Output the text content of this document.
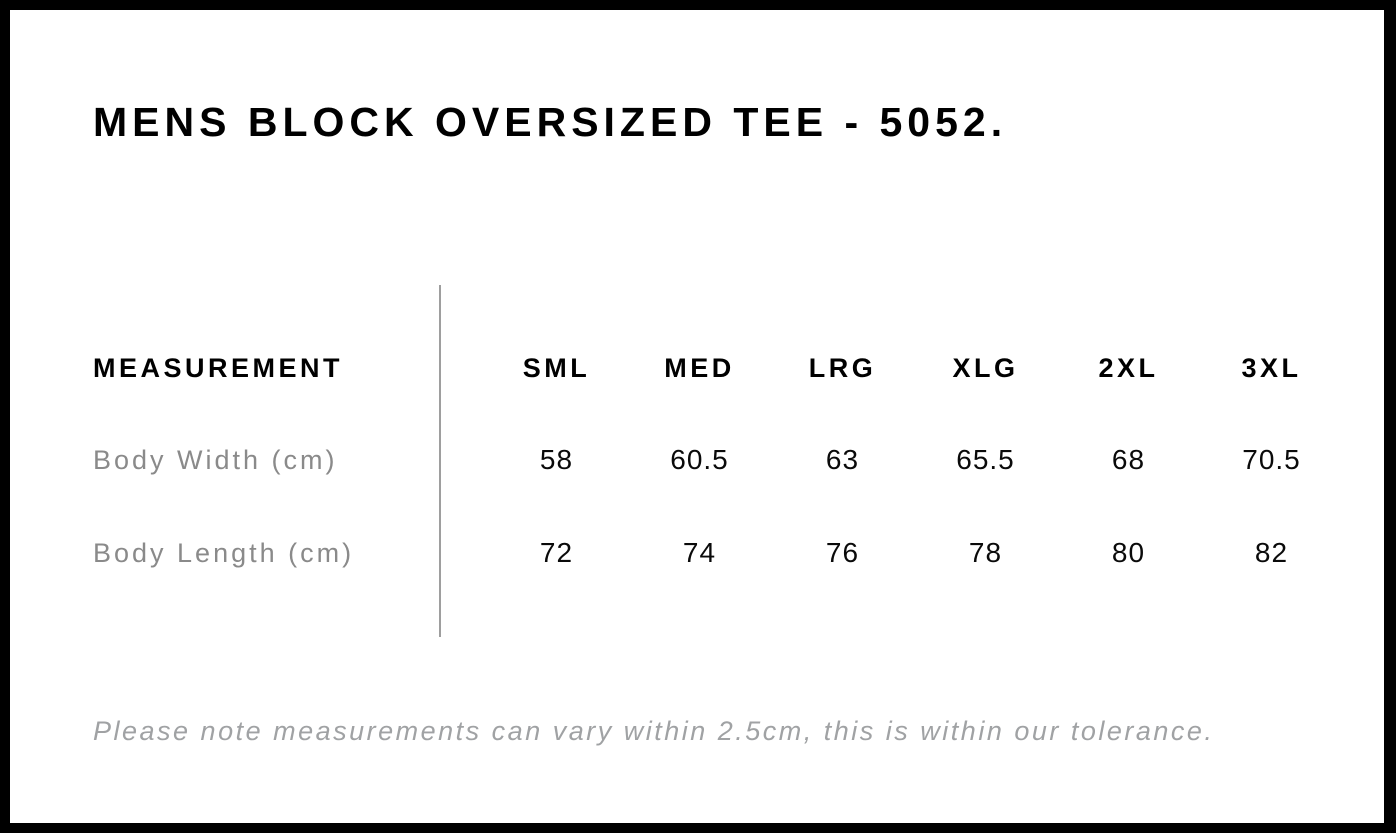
MENS BLOCK OVERSIZED TEE - 5052.
MEASUREMENT	SML	MED	LRG	XLG	2XL	3XL
Body Width (cm)	58	60.5	63	65.5	68	70.5
Body Length (cm)	72	74	76	78	80	82

Please note measurements can vary within 2.5cm, this is within our tolerance.
